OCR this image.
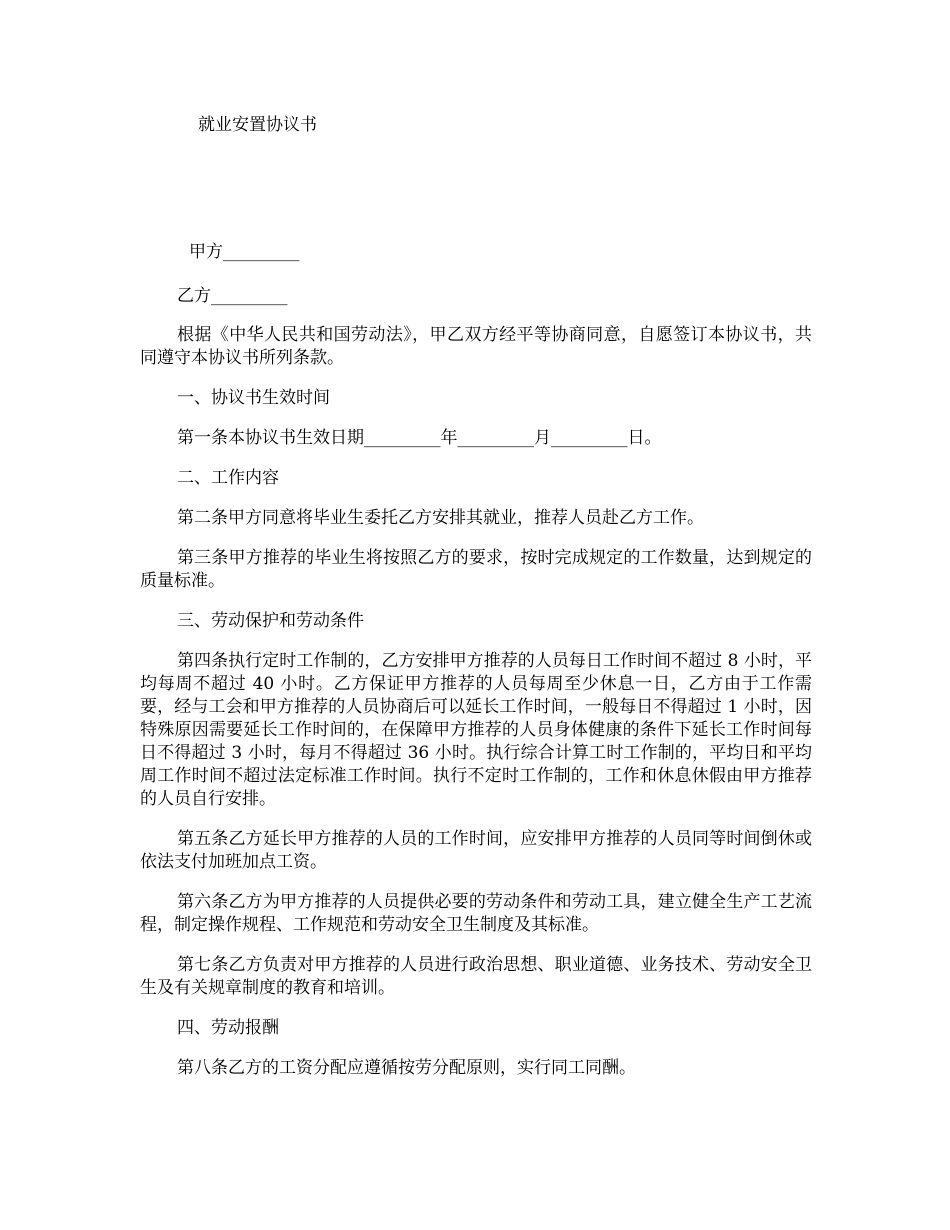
就业安置协议书
甲方_________
乙方_________

根据《中华人民共和国劳动法》，甲乙双方经平等协商同意，自愿签订本协议书，共同遵守本协议书所列条款。

一、协议书生效时间

第一条本协议书生效日期_________年_________月_________日。

二、工作内容

第二条甲方同意将毕业生委托乙方安排其就业，推荐人员赴乙方工作。

第三条甲方推荐的毕业生将按照乙方的要求，按时完成规定的工作数量，达到规定的质量标准。

三、劳动保护和劳动条件

第四条执行定时工作制的，乙方安排甲方推荐的人员每日工作时间不超过 8 小时，平均每周不超过 40 小时。乙方保证甲方推荐的人员每周至少休息一日，乙方由于工作需要，经与工会和甲方推荐的人员协商后可以延长工作时间，一般每日不得超过 1 小时，因特殊原因需要延长工作时间的，在保障甲方推荐的人员身体健康的条件下延长工作时间每日不得超过 3 小时，每月不得超过 36 小时。执行综合计算工时工作制的，平均日和平均周工作时间不超过法定标准工作时间。执行不定时工作制的，工作和休息休假由甲方推荐的人员自行安排。

第五条乙方延长甲方推荐的人员的工作时间，应安排甲方推荐的人员同等时间倒休或依法支付加班加点工资。

第六条乙方为甲方推荐的人员提供必要的劳动条件和劳动工具，建立健全生产工艺流程，制定操作规程、工作规范和劳动安全卫生制度及其标准。

第七条乙方负责对甲方推荐的人员进行政治思想、职业道德、业务技术、劳动安全卫生及有关规章制度的教育和培训。

四、劳动报酬

第八条乙方的工资分配应遵循按劳分配原则，实行同工同酬。
